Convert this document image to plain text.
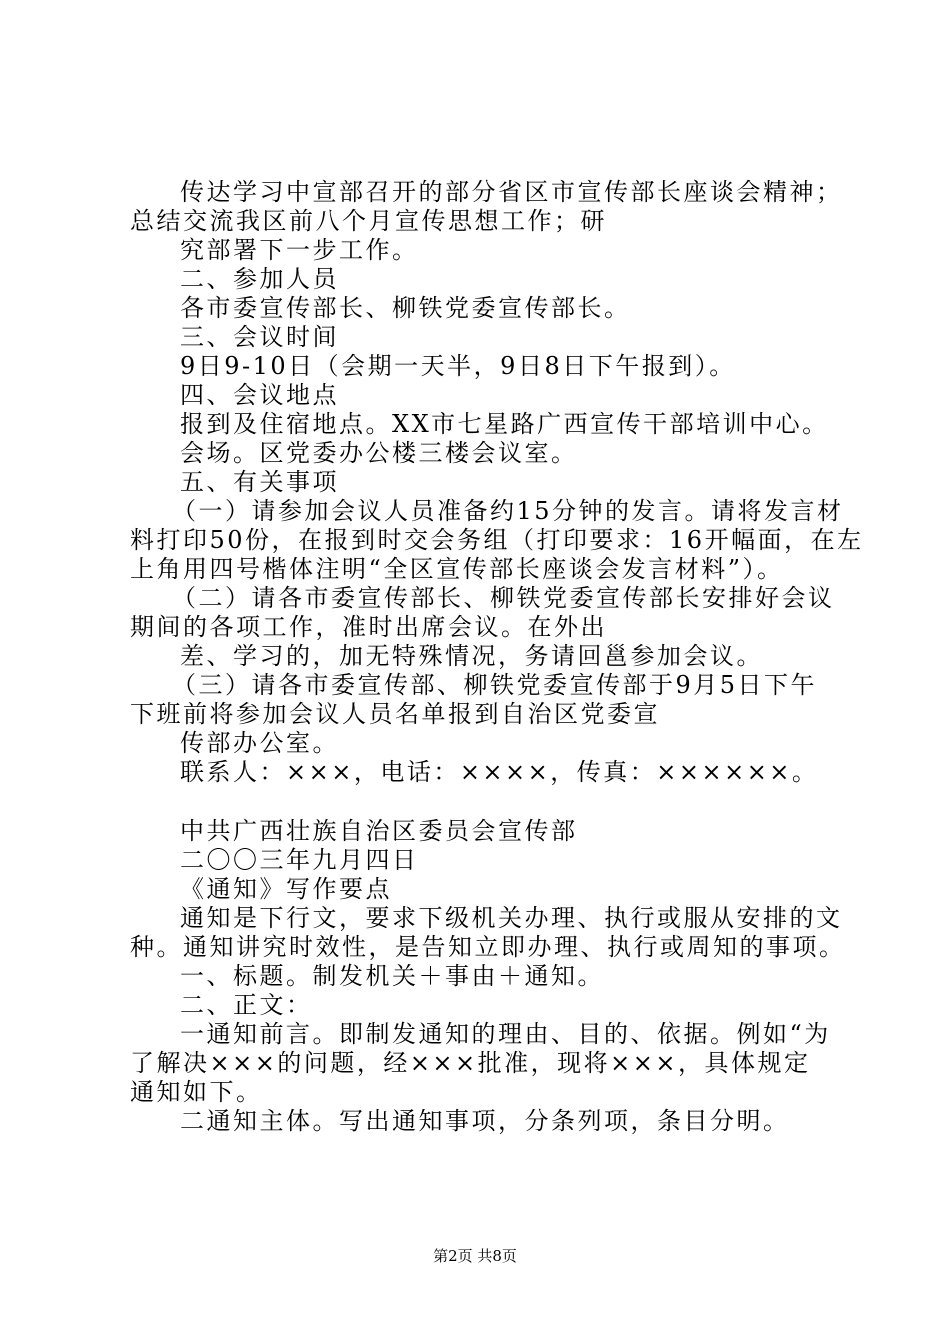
传达学习中宣部召开的部分省区市宣传部长座谈会精神；
总结交流我区前八个月宣传思想工作；研
究部署下一步工作。
二、参加人员
各市委宣传部长、柳铁党委宣传部长。
三、会议时间
9日9-10日（会期一天半，9日8日下午报到）。
四、会议地点
报到及住宿地点。XX市七星路广西宣传干部培训中心。
会场。区党委办公楼三楼会议室。
五、有关事项
（一）请参加会议人员准备约15分钟的发言。请将发言材
料打印50份，在报到时交会务组（打印要求：16开幅面，在左
上角用四号楷体注明“全区宣传部长座谈会发言材料”）。
（二）请各市委宣传部长、柳铁党委宣传部长安排好会议
期间的各项工作，准时出席会议。在外出
差、学习的，加无特殊情况，务请回邕参加会议。
（三）请各市委宣传部、柳铁党委宣传部于9月5日下午
下班前将参加会议人员名单报到自治区党委宣
传部办公室。
联系人：×××，电话：××××，传真：××××××。
中共广西壮族自治区委员会宣传部
二〇〇三年九月四日
《通知》写作要点
通知是下行文，要求下级机关办理、执行或服从安排的文
种。通知讲究时效性，是告知立即办理、执行或周知的事项。
一、标题。制发机关＋事由＋通知。
二、正文：
一通知前言。即制发通知的理由、目的、依据。例如“为
了解决×××的问题，经×××批准，现将×××，具体规定
通知如下。
二通知主体。写出通知事项，分条列项，条目分明。
第2页 共8页
